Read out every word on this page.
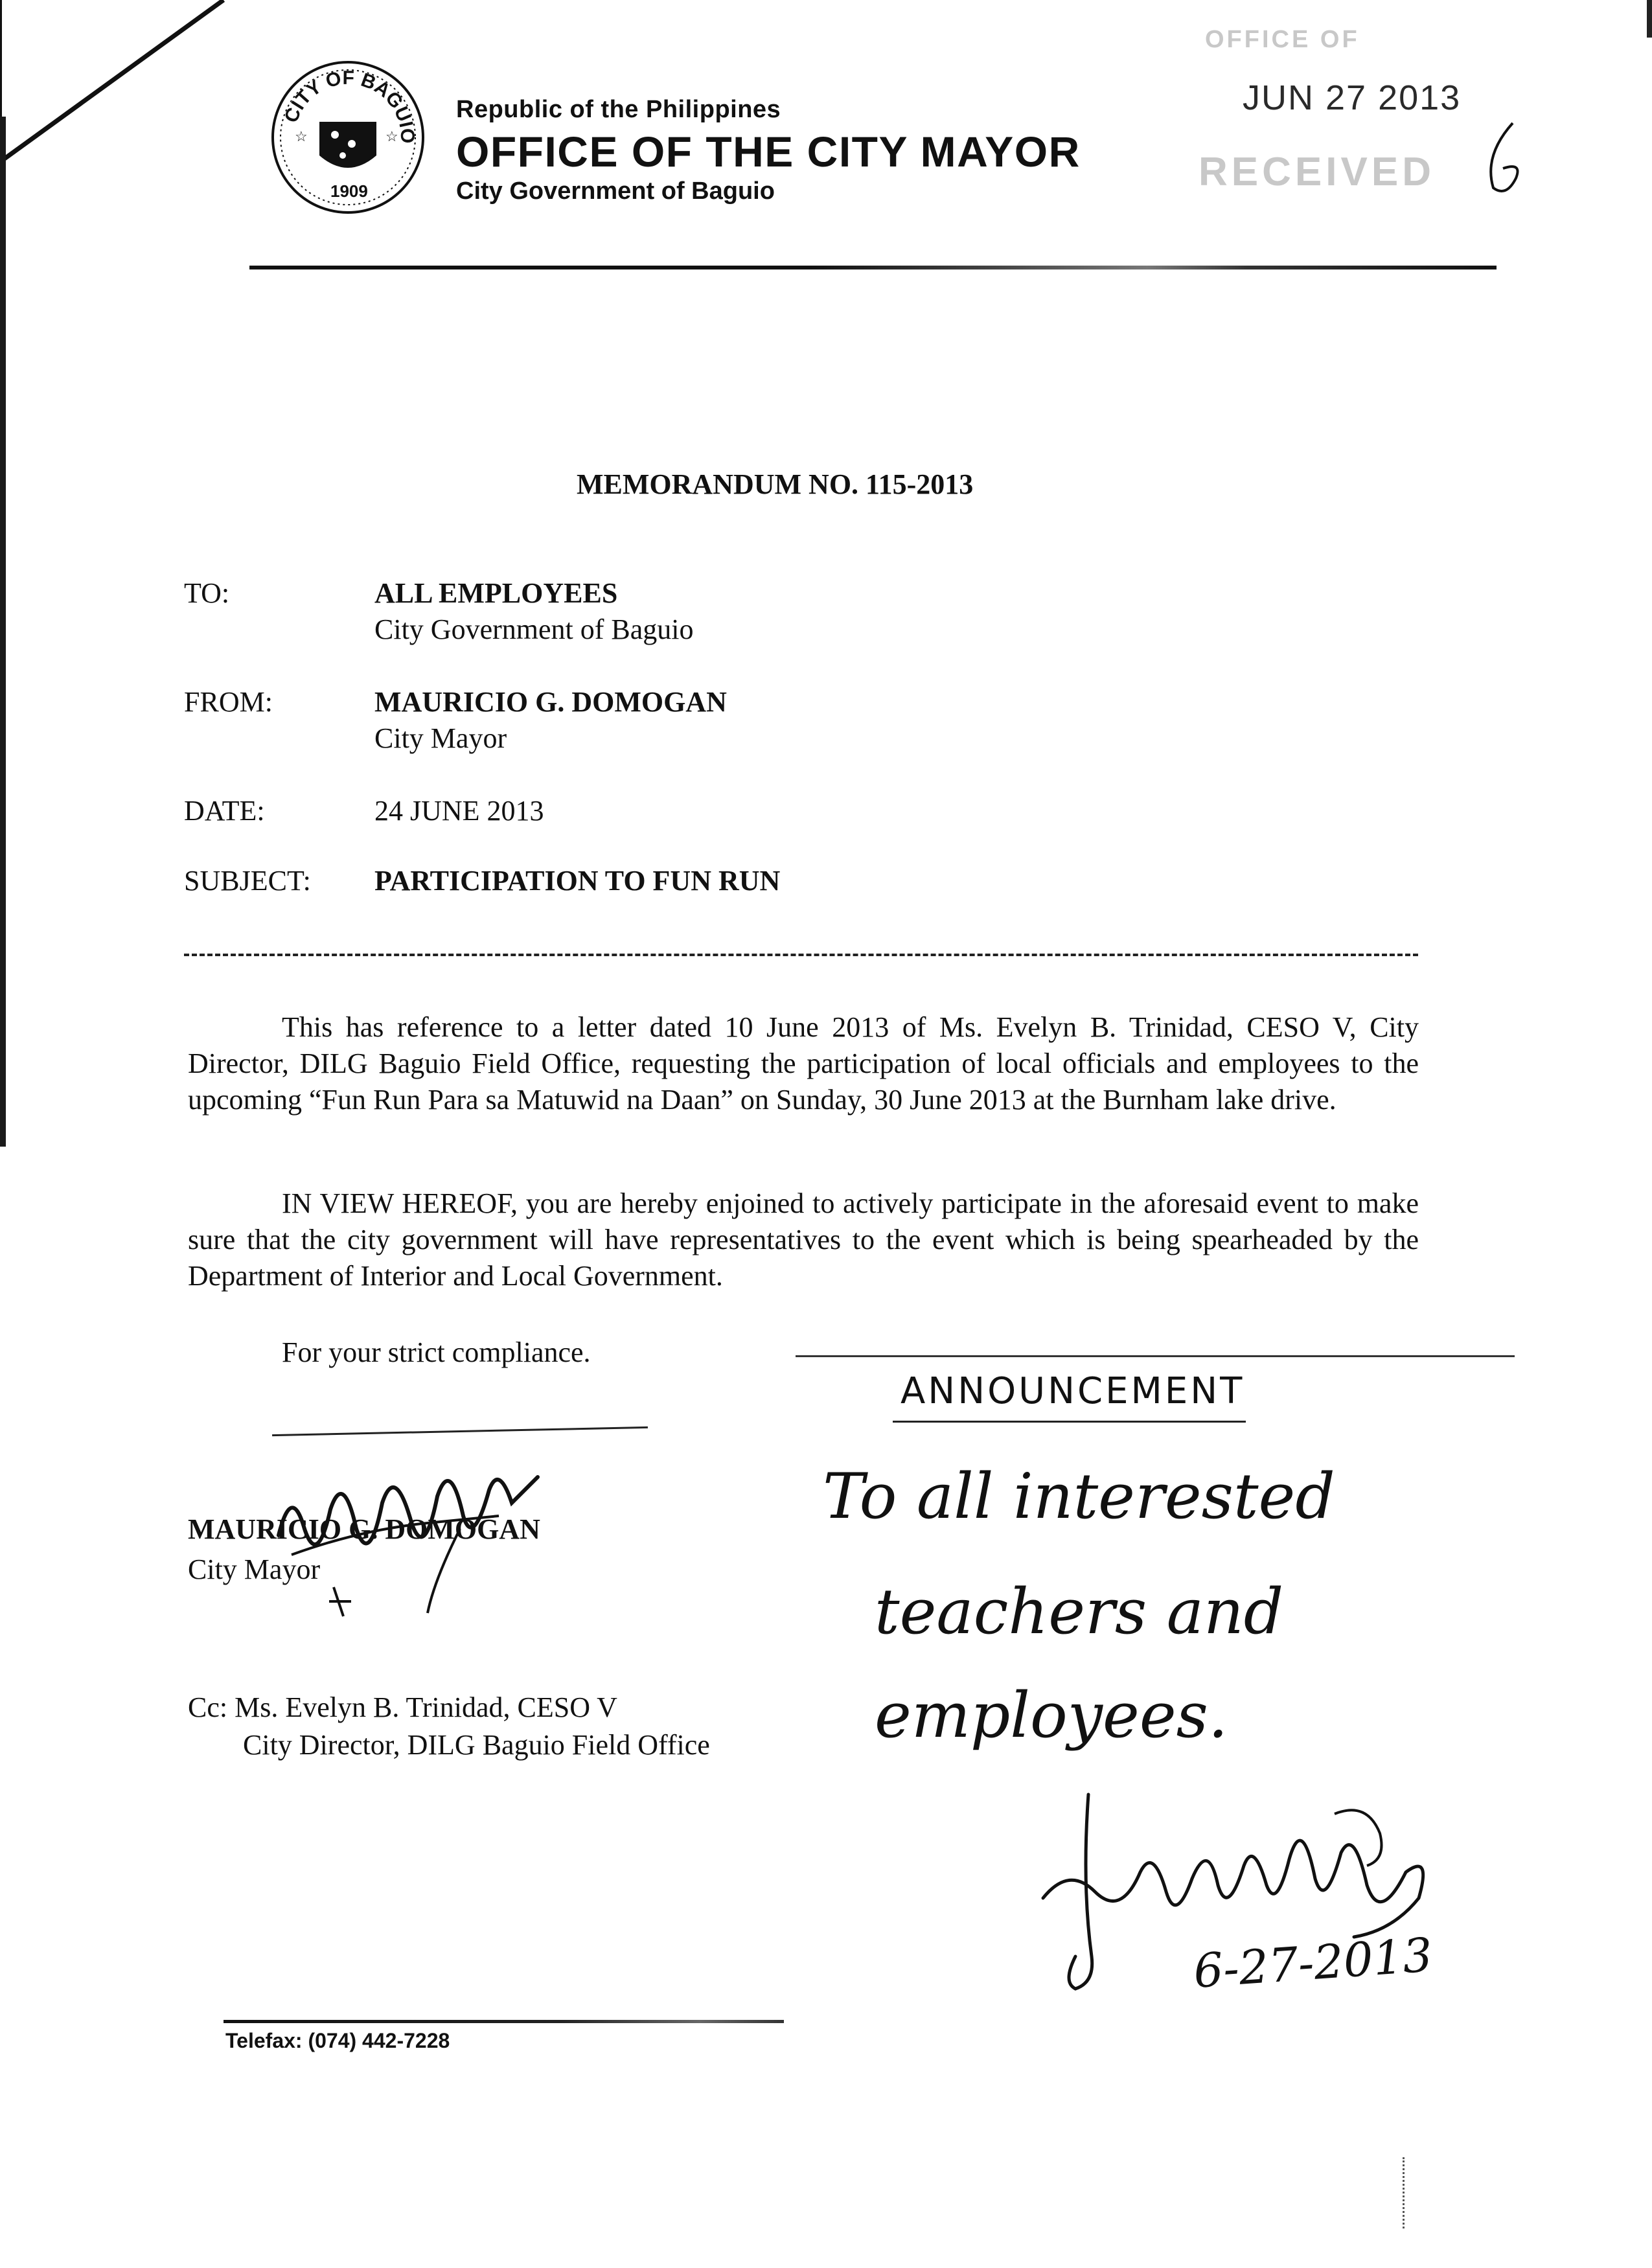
CITY OF BAGUIO
☆	☆
1909
Republic of the Philippines
OFFICE OF THE CITY MAYOR
City Government of Baguio
OFFICE OF
JUN 27 2013
RECEIVED
MEMORANDUM NO. 115-2013
TO:	ALL EMPLOYEES
City Government of Baguio
FROM:	MAURICIO G. DOMOGAN
City Mayor
DATE:	24 JUNE 2013
SUBJECT: PARTICIPATION TO FUN RUN
This has reference to a letter dated 10 June 2013 of Ms. Evelyn B. Trinidad, CESO V, City Director, DILG Baguio Field Office, requesting the participation of local officials and employees to the upcoming “Fun Run Para sa Matuwid na Daan” on Sunday, 30 June 2013 at the Burnham lake drive.
IN VIEW HEREOF, you are hereby enjoined to actively participate in the aforesaid event to make sure that the city government will have representatives to the event which is being spearheaded by the Department of Interior and Local Government.
For your strict compliance.
MAURICIO G. DOMOGAN
City Mayor
Cc: Ms. Evelyn B. Trinidad, CESO V
City Director, DILG Baguio Field Office
Telefax: (074) 442-7228
ANNOUNCEMENT
To all interested
teachers and
employees.
6-27-2013
